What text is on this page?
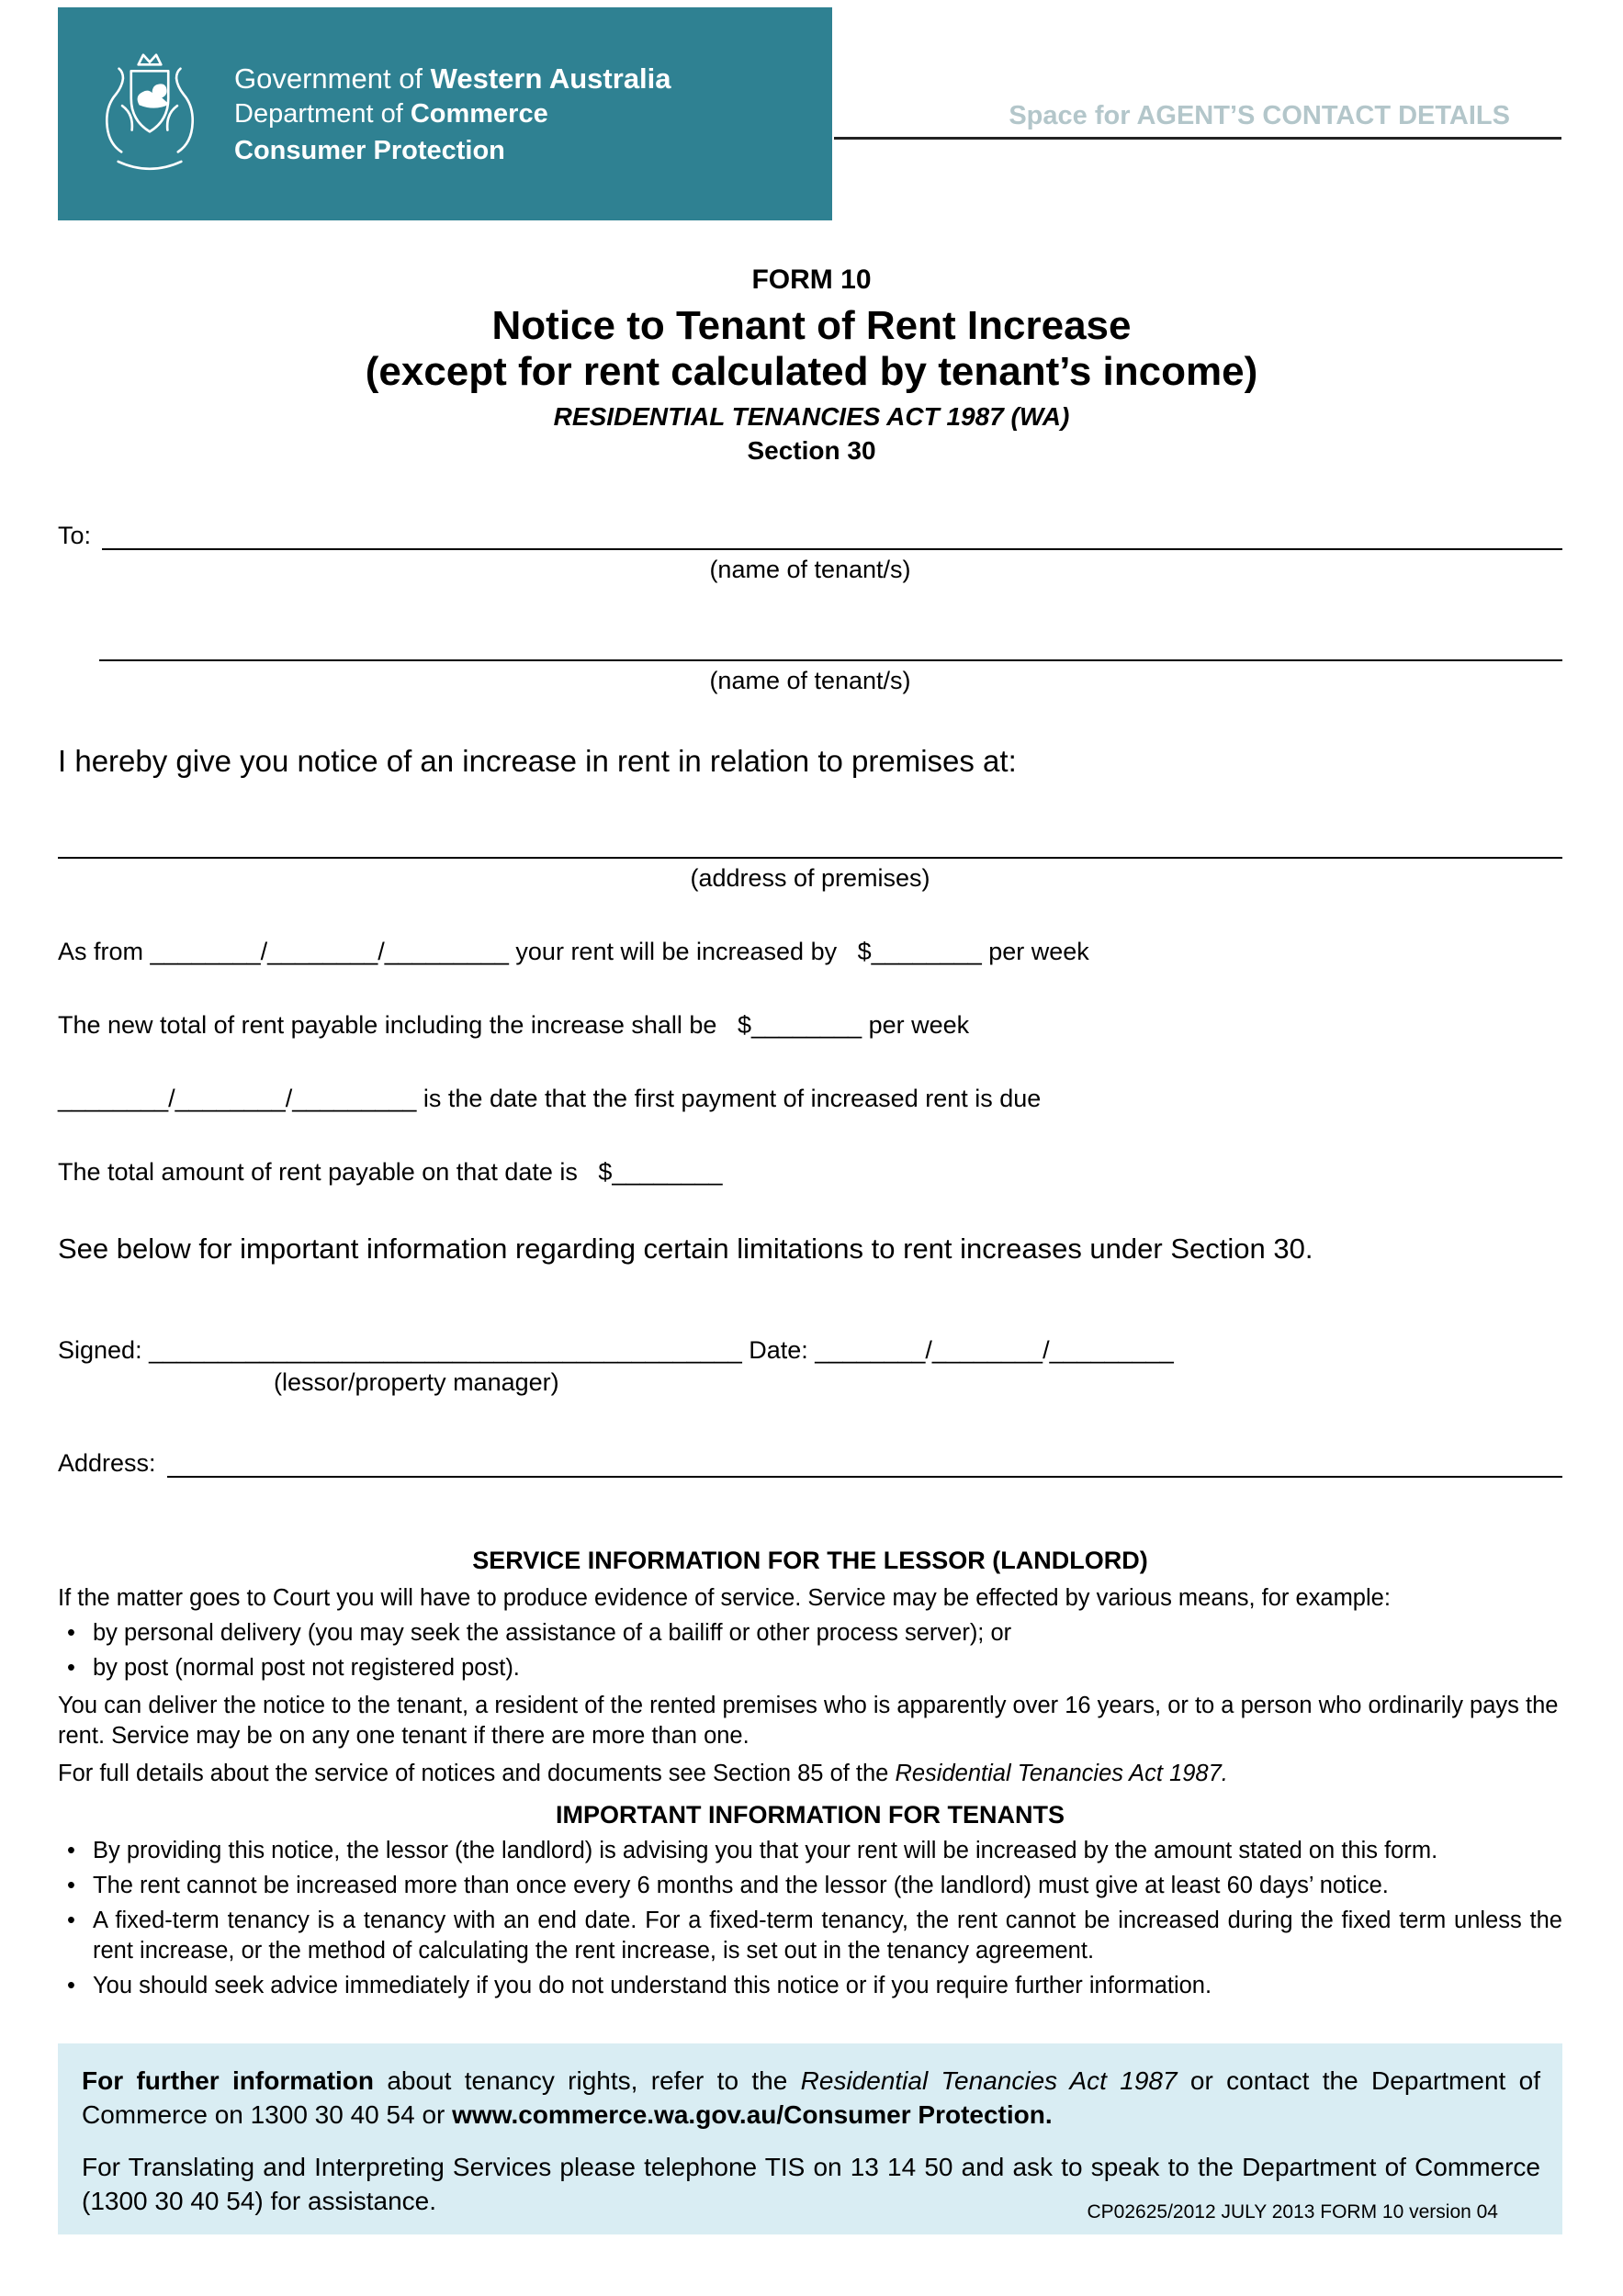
Government of Western Australia
Department of Commerce
Consumer Protection
Space for AGENT’S CONTACT DETAILS
FORM 10
Notice to Tenant of Rent Increase
(except for rent calculated by tenant’s income)
RESIDENTIAL TENANCIES ACT 1987 (WA)
Section 30
To:
(name of tenant/s)
(name of tenant/s)
I hereby give you notice of an increase in rent in relation to premises at:
(address of premises)
As from ________/________/_________ your rent will be increased by   $________ per week
The new total of rent payable including the increase shall be   $________ per week
________/________/_________ is the date that the first payment of increased rent is due
The total amount of rent payable on that date is   $________
See below for important information regarding certain limitations to rent increases under Section 30.
Signed: ___________________________________________ Date: ________/________/_________
(lessor/property manager)
Address:
SERVICE INFORMATION FOR THE LESSOR (LANDLORD)
If the matter goes to Court you will have to produce evidence of service. Service may be effected by various means, for example:
• by personal delivery (you may seek the assistance of a bailiff or other process server); or
• by post (normal post not registered post).
You can deliver the notice to the tenant, a resident of the rented premises who is apparently over 16 years, or to a person who ordinarily pays the rent. Service may be on any one tenant if there are more than one.
For full details about the service of notices and documents see Section 85 of the Residential Tenancies Act 1987.
IMPORTANT INFORMATION FOR TENANTS
• By providing this notice, the lessor (the landlord) is advising you that your rent will be increased by the amount stated on this form.
• The rent cannot be increased more than once every 6 months and the lessor (the landlord) must give at least 60 days’ notice.
• A fixed-term tenancy is a tenancy with an end date. For a fixed-term tenancy, the rent cannot be increased during the fixed term unless the rent increase, or the method of calculating the rent increase, is set out in the tenancy agreement.
• You should seek advice immediately if you do not understand this notice or if you require further information.
For further information about tenancy rights, refer to the Residential Tenancies Act 1987 or contact the Department of Commerce on 1300 30 40 54 or www.commerce.wa.gov.au/Consumer Protection.
For Translating and Interpreting Services please telephone TIS on 13 14 50 and ask to speak to the Department of Commerce (1300 30 40 54) for assistance.	CP02625/2012 JULY 2013 FORM 10 version 04
